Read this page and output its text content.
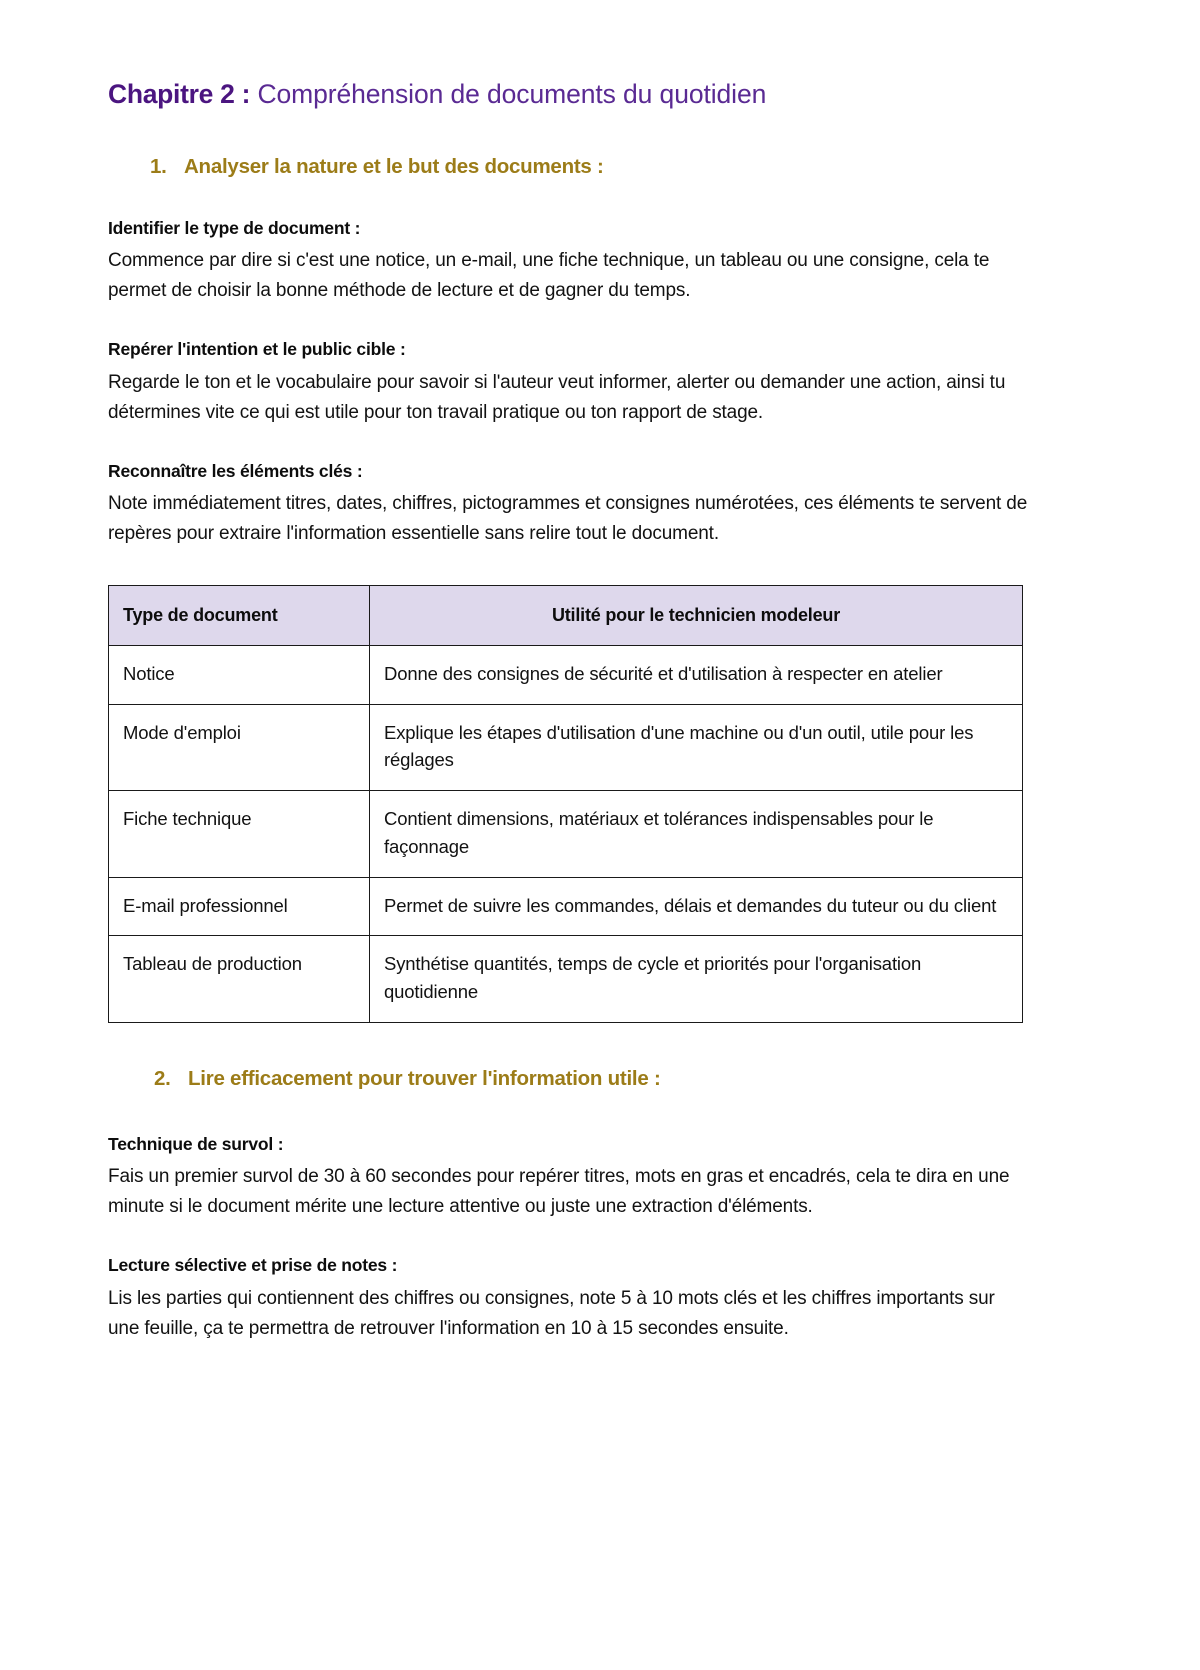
Chapitre 2 : Compréhension de documents du quotidien
1. Analyser la nature et le but des documents :
Identifier le type de document :

Commence par dire si c'est une notice, un e-mail, une fiche technique, un tableau ou une consigne, cela te permet de choisir la bonne méthode de lecture et de gagner du temps.

Repérer l'intention et le public cible :

Regarde le ton et le vocabulaire pour savoir si l'auteur veut informer, alerter ou demander une action, ainsi tu détermines vite ce qui est utile pour ton travail pratique ou ton rapport de stage.

Reconnaître les éléments clés :

Note immédiatement titres, dates, chiffres, pictogrammes et consignes numérotées, ces éléments te servent de repères pour extraire l'information essentielle sans relire tout le document.

Type de document	Utilité pour le technicien modeleur
Notice	Donne des consignes de sécurité et d'utilisation à respecter en atelier
Mode d'emploi	Explique les étapes d'utilisation d'une machine ou d'un outil, utile pour les réglages
Fiche technique	Contient dimensions, matériaux et tolérances indispensables pour le façonnage
E-mail professionnel	Permet de suivre les commandes, délais et demandes du tuteur ou du client
Tableau de production	Synthétise quantités, temps de cycle et priorités pour l'organisation quotidienne
2. Lire efficacement pour trouver l'information utile :
Technique de survol :

Fais un premier survol de 30 à 60 secondes pour repérer titres, mots en gras et encadrés, cela te dira en une minute si le document mérite une lecture attentive ou juste une extraction d'éléments.

Lecture sélective et prise de notes :

Lis les parties qui contiennent des chiffres ou consignes, note 5 à 10 mots clés et les chiffres importants sur une feuille, ça te permettra de retrouver l'information en 10 à 15 secondes ensuite.
